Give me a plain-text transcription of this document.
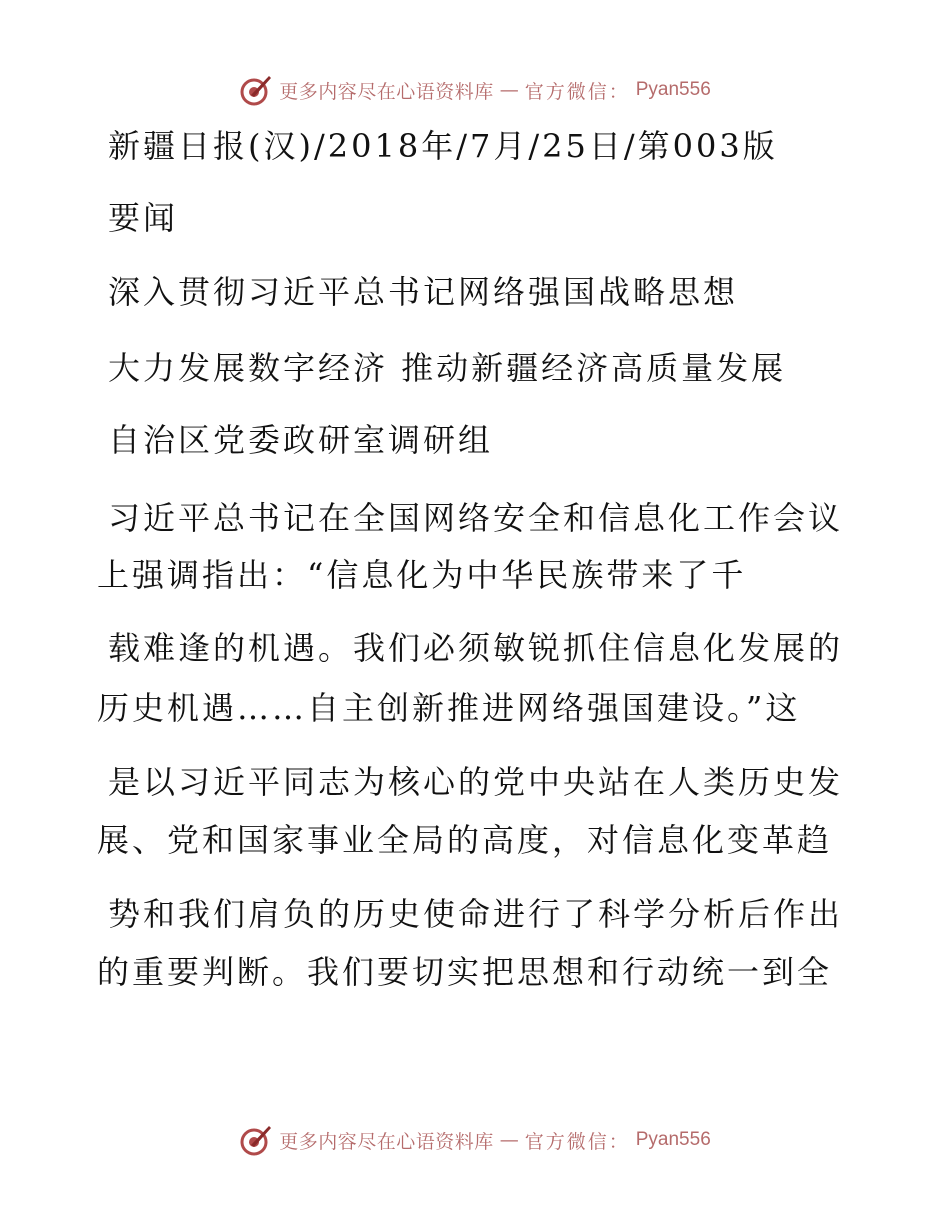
更多内容尽在心语资料库 — 官方微信： Pyan556
新疆日报(汉)/2018年/7月/25日/第003版
要闻
深入贯彻习近平总书记网络强国战略思想
大力发展数字经济 推动新疆经济高质量发展
自治区党委政研室调研组
习近平总书记在全国网络安全和信息化工作会议
上强调指出：“信息化为中华民族带来了千
载难逢的机遇。我们必须敏锐抓住信息化发展的
历史机遇……自主创新推进网络强国建设。”这
是以习近平同志为核心的党中央站在人类历史发
展、党和国家事业全局的高度，对信息化变革趋
势和我们肩负的历史使命进行了科学分析后作出
的重要判断。我们要切实把思想和行动统一到全
更多内容尽在心语资料库 — 官方微信： Pyan556
